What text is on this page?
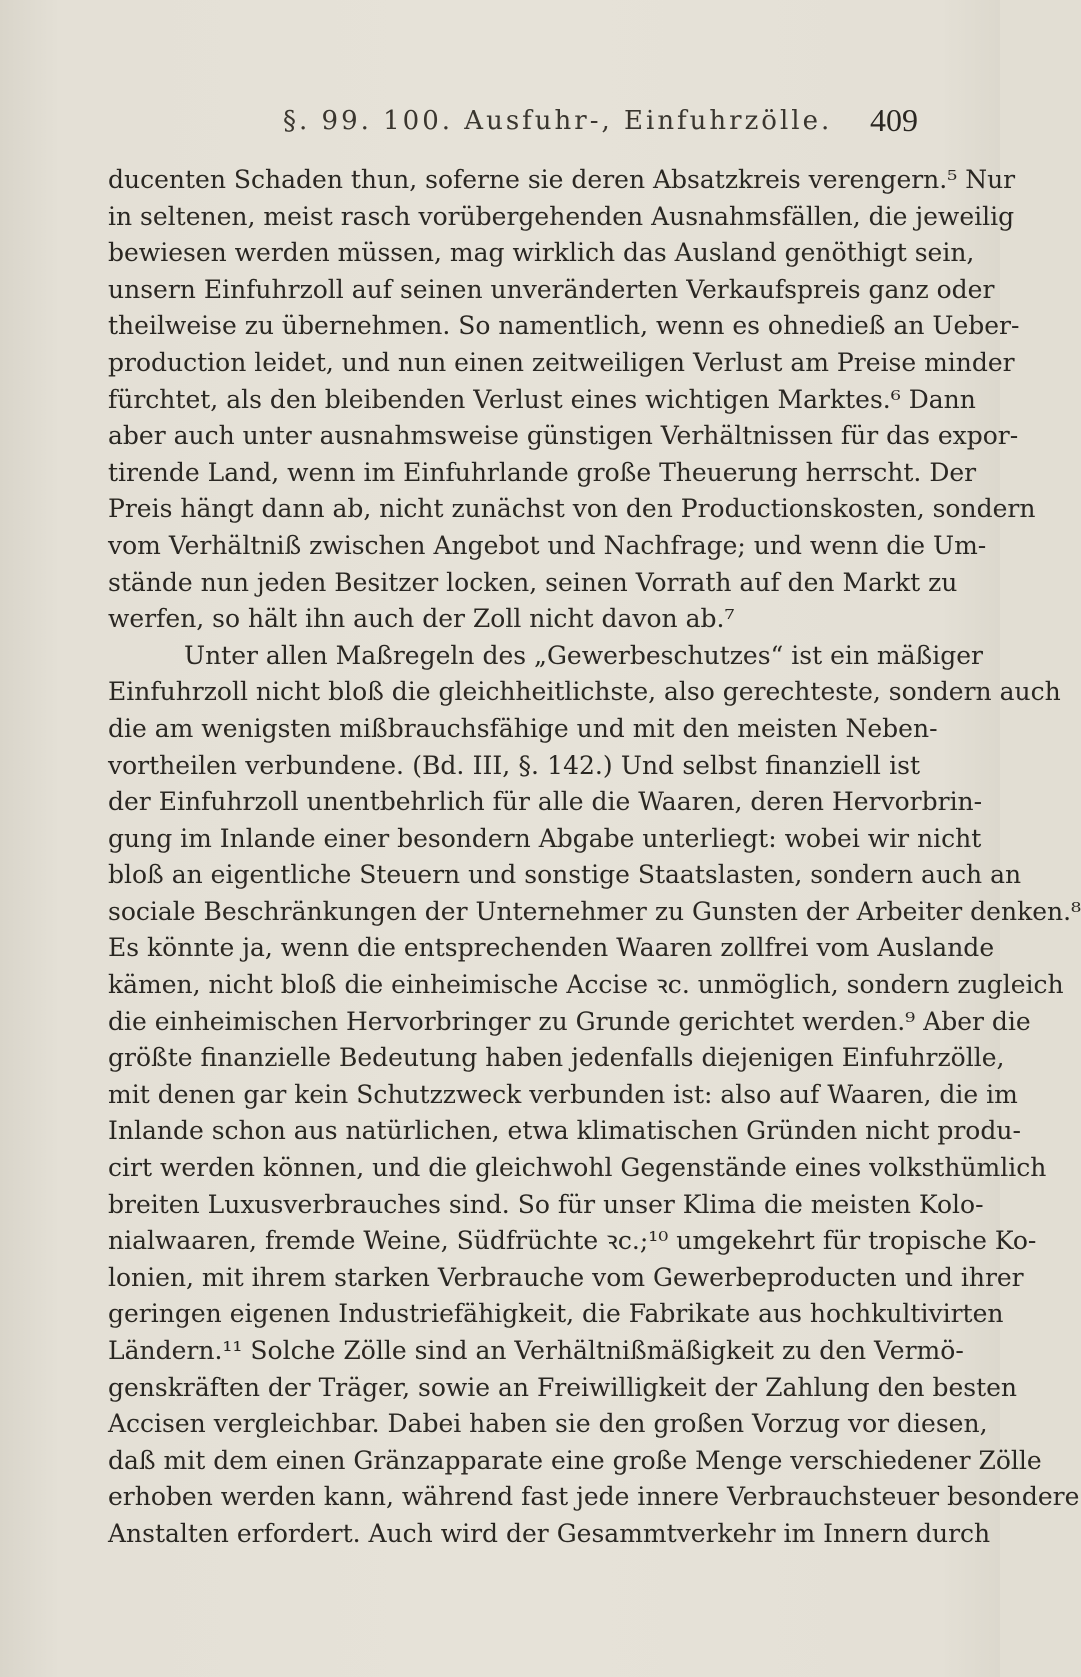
§. 99. 100. Ausfuhr-, Einfuhrzölle. 409
ducenten Schaden thun, soferne sie deren Absatzkreis verengern.⁵ Nur
in seltenen, meist rasch vorübergehenden Ausnahmsfällen, die jeweilig
bewiesen werden müssen, mag wirklich das Ausland genöthigt sein,
unsern Einfuhrzoll auf seinen unveränderten Verkaufspreis ganz oder
theilweise zu übernehmen. So namentlich, wenn es ohnedieß an Ueber-
production leidet, und nun einen zeitweiligen Verlust am Preise minder
fürchtet, als den bleibenden Verlust eines wichtigen Marktes.⁶ Dann
aber auch unter ausnahmsweise günstigen Verhältnissen für das expor-
tirende Land, wenn im Einfuhrlande große Theuerung herrscht. Der
Preis hängt dann ab, nicht zunächst von den Productionskosten, sondern
vom Verhältniß zwischen Angebot und Nachfrage; und wenn die Um-
stände nun jeden Besitzer locken, seinen Vorrath auf den Markt zu
werfen, so hält ihn auch der Zoll nicht davon ab.⁷
Unter allen Maßregeln des „Gewerbeschutzes“ ist ein mäßiger
Einfuhrzoll nicht bloß die gleichheitlichste, also gerechteste, sondern auch
die am wenigsten mißbrauchsfähige und mit den meisten Neben-
vortheilen verbundene. (Bd. III, §. 142.) Und selbst finanziell ist
der Einfuhrzoll unentbehrlich für alle die Waaren, deren Hervorbrin-
gung im Inlande einer besondern Abgabe unterliegt: wobei wir nicht
bloß an eigentliche Steuern und sonstige Staatslasten, sondern auch an
sociale Beschränkungen der Unternehmer zu Gunsten der Arbeiter denken.⁸
Es könnte ja, wenn die entsprechenden Waaren zollfrei vom Auslande
kämen, nicht bloß die einheimische Accise ꝛc. unmöglich, sondern zugleich
die einheimischen Hervorbringer zu Grunde gerichtet werden.⁹ Aber die
größte finanzielle Bedeutung haben jedenfalls diejenigen Einfuhrzölle,
mit denen gar kein Schutzzweck verbunden ist: also auf Waaren, die im
Inlande schon aus natürlichen, etwa klimatischen Gründen nicht produ-
cirt werden können, und die gleichwohl Gegenstände eines volksthümlich
breiten Luxusverbrauches sind. So für unser Klima die meisten Kolo-
nialwaaren, fremde Weine, Südfrüchte ꝛc.;¹⁰ umgekehrt für tropische Ko-
lonien, mit ihrem starken Verbrauche vom Gewerbeproducten und ihrer
geringen eigenen Industriefähigkeit, die Fabrikate aus hochkultivirten
Ländern.¹¹ Solche Zölle sind an Verhältnißmäßigkeit zu den Vermö-
genskräften der Träger, sowie an Freiwilligkeit der Zahlung den besten
Accisen vergleichbar. Dabei haben sie den großen Vorzug vor diesen,
daß mit dem einen Gränzapparate eine große Menge verschiedener Zölle
erhoben werden kann, während fast jede innere Verbrauchsteuer besondere
Anstalten erfordert. Auch wird der Gesammtverkehr im Innern durch
